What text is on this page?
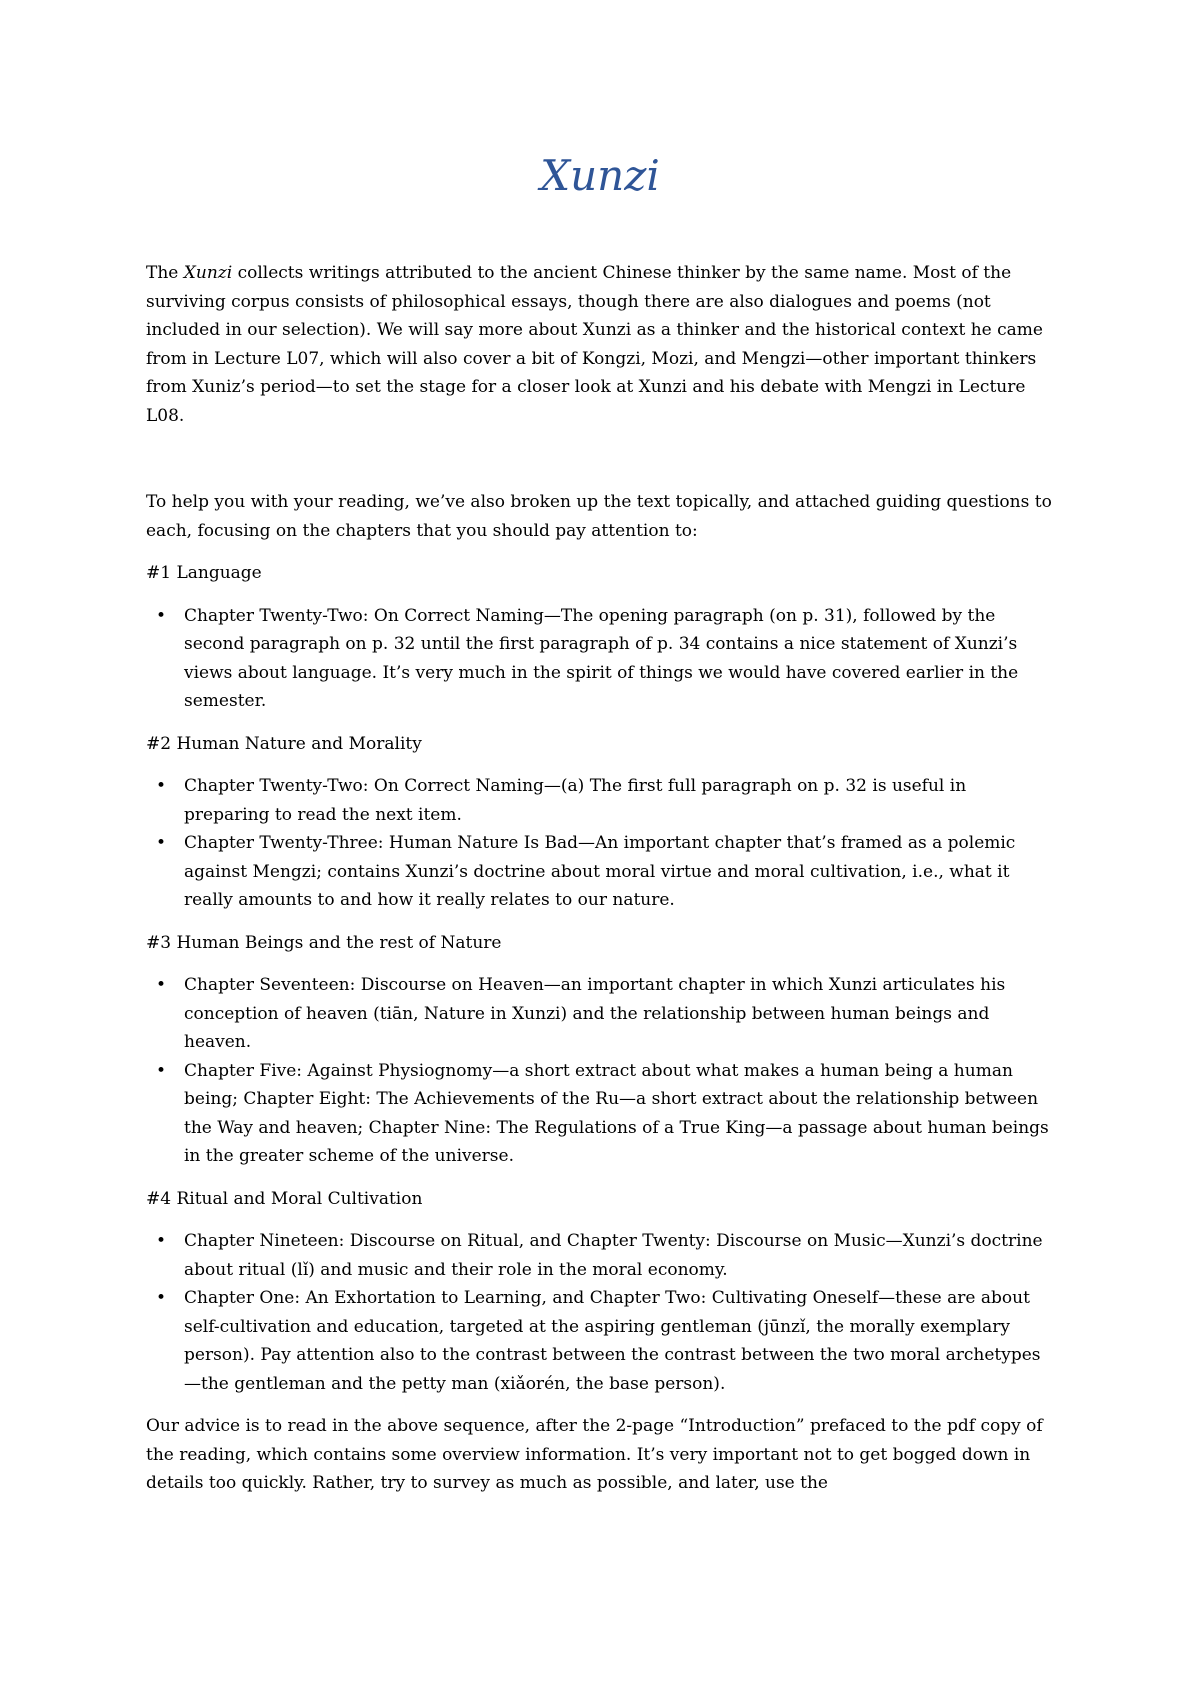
Xunzi

The Xunzi collects writings attributed to the ancient Chinese thinker by the same name. Most of the surviving corpus consists of philosophical essays, though there are also dialogues and poems (not included in our selection). We will say more about Xunzi as a thinker and the historical context he came from in Lecture L07, which will also cover a bit of Kongzi, Mozi, and Mengzi—other important thinkers from Xuniz’s period—to set the stage for a closer look at Xunzi and his debate with Mengzi in Lecture L08.

To help you with your reading, we’ve also broken up the text topically, and attached guiding questions to each, focusing on the chapters that you should pay attention to:

#1 Language

• Chapter Twenty-Two: On Correct Naming—The opening paragraph (on p. 31), followed by the second paragraph on p. 32 until the first paragraph of p. 34 contains a nice statement of Xunzi’s views about language. It’s very much in the spirit of things we would have covered earlier in the semester.

#2 Human Nature and Morality

• Chapter Twenty-Two: On Correct Naming—(a) The first full paragraph on p. 32 is useful in preparing to read the next item.
• Chapter Twenty-Three: Human Nature Is Bad—An important chapter that’s framed as a polemic against Mengzi; contains Xunzi’s doctrine about moral virtue and moral cultivation, i.e., what it really amounts to and how it really relates to our nature.

#3 Human Beings and the rest of Nature

• Chapter Seventeen: Discourse on Heaven—an important chapter in which Xunzi articulates his conception of heaven (tiān, Nature in Xunzi) and the relationship between human beings and heaven.
• Chapter Five: Against Physiognomy—a short extract about what makes a human being a human being; Chapter Eight: The Achievements of the Ru—a short extract about the relationship between the Way and heaven; Chapter Nine: The Regulations of a True King—a passage about human beings in the greater scheme of the universe.

#4 Ritual and Moral Cultivation

• Chapter Nineteen: Discourse on Ritual, and Chapter Twenty: Discourse on Music—Xunzi’s doctrine about ritual (lǐ) and music and their role in the moral economy.
• Chapter One: An Exhortation to Learning, and Chapter Two: Cultivating Oneself—these are about self-cultivation and education, targeted at the aspiring gentleman (jūnzǐ, the morally exemplary person). Pay attention also to the contrast between the contrast between the two moral archetypes—the gentleman and the petty man (xiǎorén, the base person).

Our advice is to read in the above sequence, after the 2-page “Introduction” prefaced to the pdf copy of the reading, which contains some overview information. It’s very important not to get bogged down in details too quickly. Rather, try to survey as much as possible, and later, use the
